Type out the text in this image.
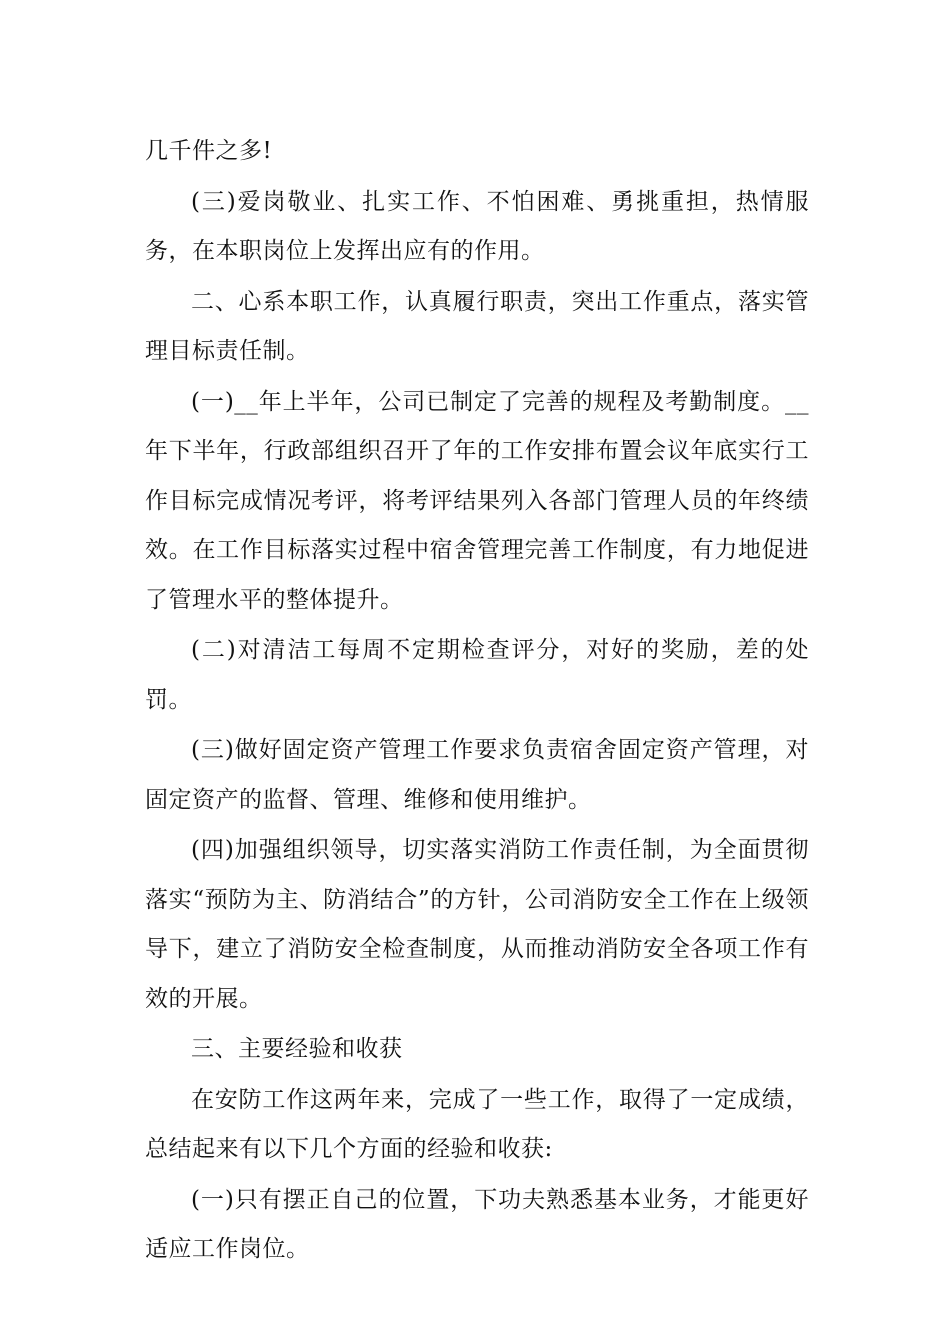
几千件之多!

(三)爱岗敬业、扎实工作、不怕困难、勇挑重担，热情服务，在本职岗位上发挥出应有的作用。

二、心系本职工作，认真履行职责，突出工作重点，落实管理目标责任制。

(一)__年上半年，公司已制定了完善的规程及考勤制度。__年下半年，行政部组织召开了年的工作安排布置会议年底实行工作目标完成情况考评，将考评结果列入各部门管理人员的年终绩效。在工作目标落实过程中宿舍管理完善工作制度，有力地促进了管理水平的整体提升。

(二)对清洁工每周不定期检查评分，对好的奖励，差的处罚。

(三)做好固定资产管理工作要求负责宿舍固定资产管理，对固定资产的监督、管理、维修和使用维护。

(四)加强组织领导，切实落实消防工作责任制，为全面贯彻落实“预防为主、防消结合”的方针，公司消防安全工作在上级领导下，建立了消防安全检查制度，从而推动消防安全各项工作有效的开展。

三、主要经验和收获

在安防工作这两年来，完成了一些工作，取得了一定成绩，总结起来有以下几个方面的经验和收获:

(一)只有摆正自己的位置，下功夫熟悉基本业务，才能更好适应工作岗位。
